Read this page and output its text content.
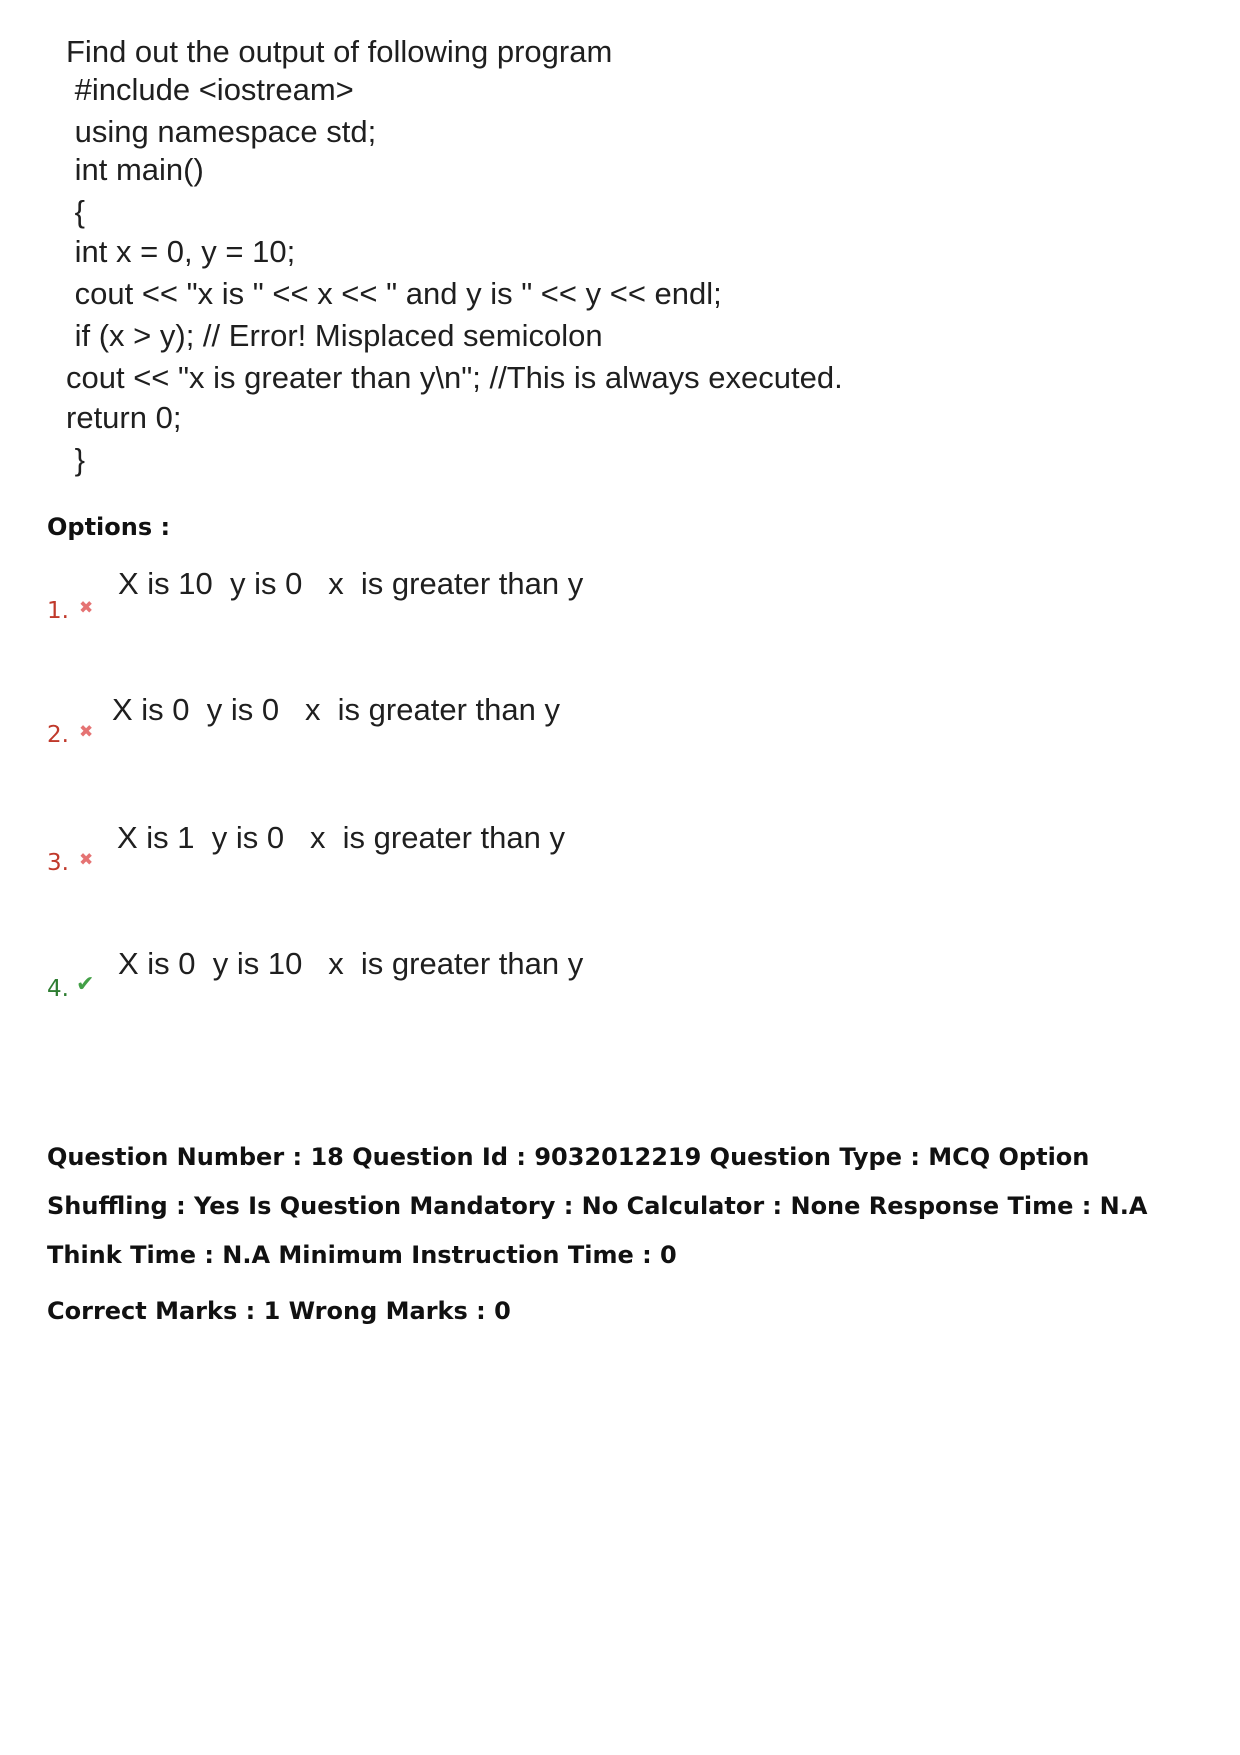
Find out the output of following program
#include <iostream>
using namespace std;
int main()
{
int x = 0, y = 10;
cout << "x is " << x << " and y is " << y << endl;
if (x > y); // Error! Misplaced semicolon
cout << "x is greater than y\n"; //This is always executed.
return 0;
}
Options :
1. ✖
X is 10  y is 0   x  is greater than y
2. ✖
X is 0  y is 0   x  is greater than y
3. ✖
X is 1  y is 0   x  is greater than y
4. ✔
X is 0  y is 10   x  is greater than y
Question Number : 18 Question Id : 9032012219 Question Type : MCQ Option Shuffling : Yes Is Question Mandatory : No Calculator : None Response Time : N.A Think Time : N.A Minimum Instruction Time : 0
Correct Marks : 1 Wrong Marks : 0
